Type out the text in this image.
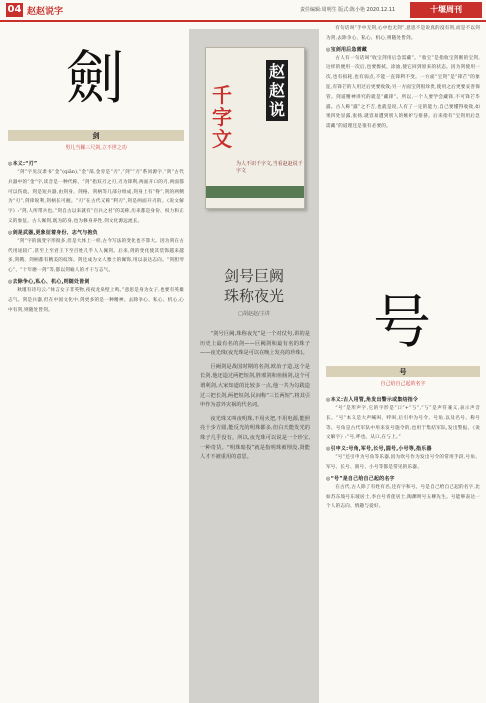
04 赵赵说字	责任编辑:周明生 版式:陈小艳 2020.12.11	十堰周刊
劍
剑
男儿当佩三尺剑,立不世之功
◎本义:“刃”

“剑”字见汉隶书“金”(qiān),“金”部,金旁是“刃”,“剑”“刃”系同源字,“剑”古代兵器中的“金”字,读音是一种代称。“剑”指双刃之刃,刃为锋利,两面开口的刃,两面都可以伤敌。剑是短兵器,由剑身、剑格、剑柄等几部分组成,剑身上有“脊”,剑的两侧为“刃”,剑锋锐利,剑柄长可握。“刃”在古代又称“利刃”,剑是两面开刃的。《说文解字》:“剑,人所带兵也。”剑自古以来就有“百兵之君”的美称,历来都是身份、权力和正义的象征。古人佩剑,既为防身,也为修身养性,剑文化源远流长。

◎剑是武器,更象征着身份、志气与抱负

“剑”字的演变字形很多,但是大体上一样,古今写法的变化也不算大。因为剑在古代用途较广,甚至上至君王下至百姓几乎人人佩剑。后来,剑的变化使其装饰越来越多,剑鞘、剑柄都有精美的纹饰。剑还成为文人雅士的佩饰,用以表达志向。“剑胆琴心”、“十年磨一剑”等,都以剑喻人的才干与志气。

◎去除争心,私心、机心,则随处皆剑

秋瑾有诗句云:“休言女子非英物,夜夜龙泉壁上鸣。”意思是身为女子,也要有英雄志气。剑是兵器,但在中国文化中,剑更多的是一种精神。去除争心、私心、机心,心中有剑,则随处皆剑。

千字文
赵赵说
为人不识千字文,当看赵赵说千字文
剑号巨阙
珠称夜光
□胡赵赵/主讲

“剑号巨阙,珠称夜光”是一个对仗句,讲的是历史上最有名的剑——巨阙剑和最有名的珠子——夜光珠(夜光珠是可以在晚上发亮的珍珠)。

巨阙剑是战国时期的名剑,欧冶子造,这个是长剑,他还造过两把短剑,胜邪剑和鱼肠剑,这个可谓利剑,大家知道的比较多一点,他一共为勾践造过三把长剑,两把短剑,民间称“三长两短”,将其引申作为意外灾祸的代名词。

夜光珠又叫夜明珠,不用火把,不用电源,能照亮十步方圆,能反光的明珠都多,但白天能发光的珠子几乎没有。所以,夜光珠可以说是一个珍宝,一种奇货。“明珠暗投”就是指明珠被埋没,贤能人才不被重用的意思。

有句话叫“手中无剑,心中也无剑”,意思不是说真的没有剑,而是不以剑为剑,去除争心、私心、机心,则随处皆剑。

◎宝剑用后急需藏

古人有一句话叫“收宝剑用后急需藏”。“收宝”是指收宝剑断的宝剑,这样的便用一次后,也要擦拭、涂油,使它回到原来的状态。因为剑使用一次,也有损耗,也有弱点,不能一直锋利不变。一方面“宝剑”是“锋芒”的象征,有锋芒的人用过后更要收敛;另一方面宝剑很珍贵,使用之后更要妥善保管。剑道精神讲究的就是“藏锋”。所以,一个人要学会藏锋,不可锋芒毕露。古人称“露”之不吉,也就是说,人有了一定的能力,自己要懂得收敛,如果四处显露,张扬,就容易遭到别人的嫉妒与排挤。后来指有“宝剑用后急需藏”的道理还是很有必要的。

号
号
自己给自己起的名字
◎本义:古人用管,角发出警示或集结指令

“号”是形声字,它的字形是“口”+“丂”,“丂”是声符兼义,表示声音长。“号”本义是大声喊叫、呼叫,后引申为号令、号角,以及名号、称号等。号角是古代军队中用来发号施令的,也用于集结军队,发出警报。《说文解字》:“号,呼也。从口,在丂上。”

◎引申义:号角,军号,长号,圆号,小号等,指乐器

“号”还引申为号角等乐器,因为吹号作为发出号令的常用手段,号角、军号、长号、圆号、小号等都是常见的乐器。

◎“号”是自己给自己起的名字

在古代,古人除了有姓有名,还有字和号。号是自己给自己起的名字,比如苏东坡号东坡居士,李白号青莲居士,陶渊明号五柳先生。号能够表达一个人的志向、情趣与爱好。
